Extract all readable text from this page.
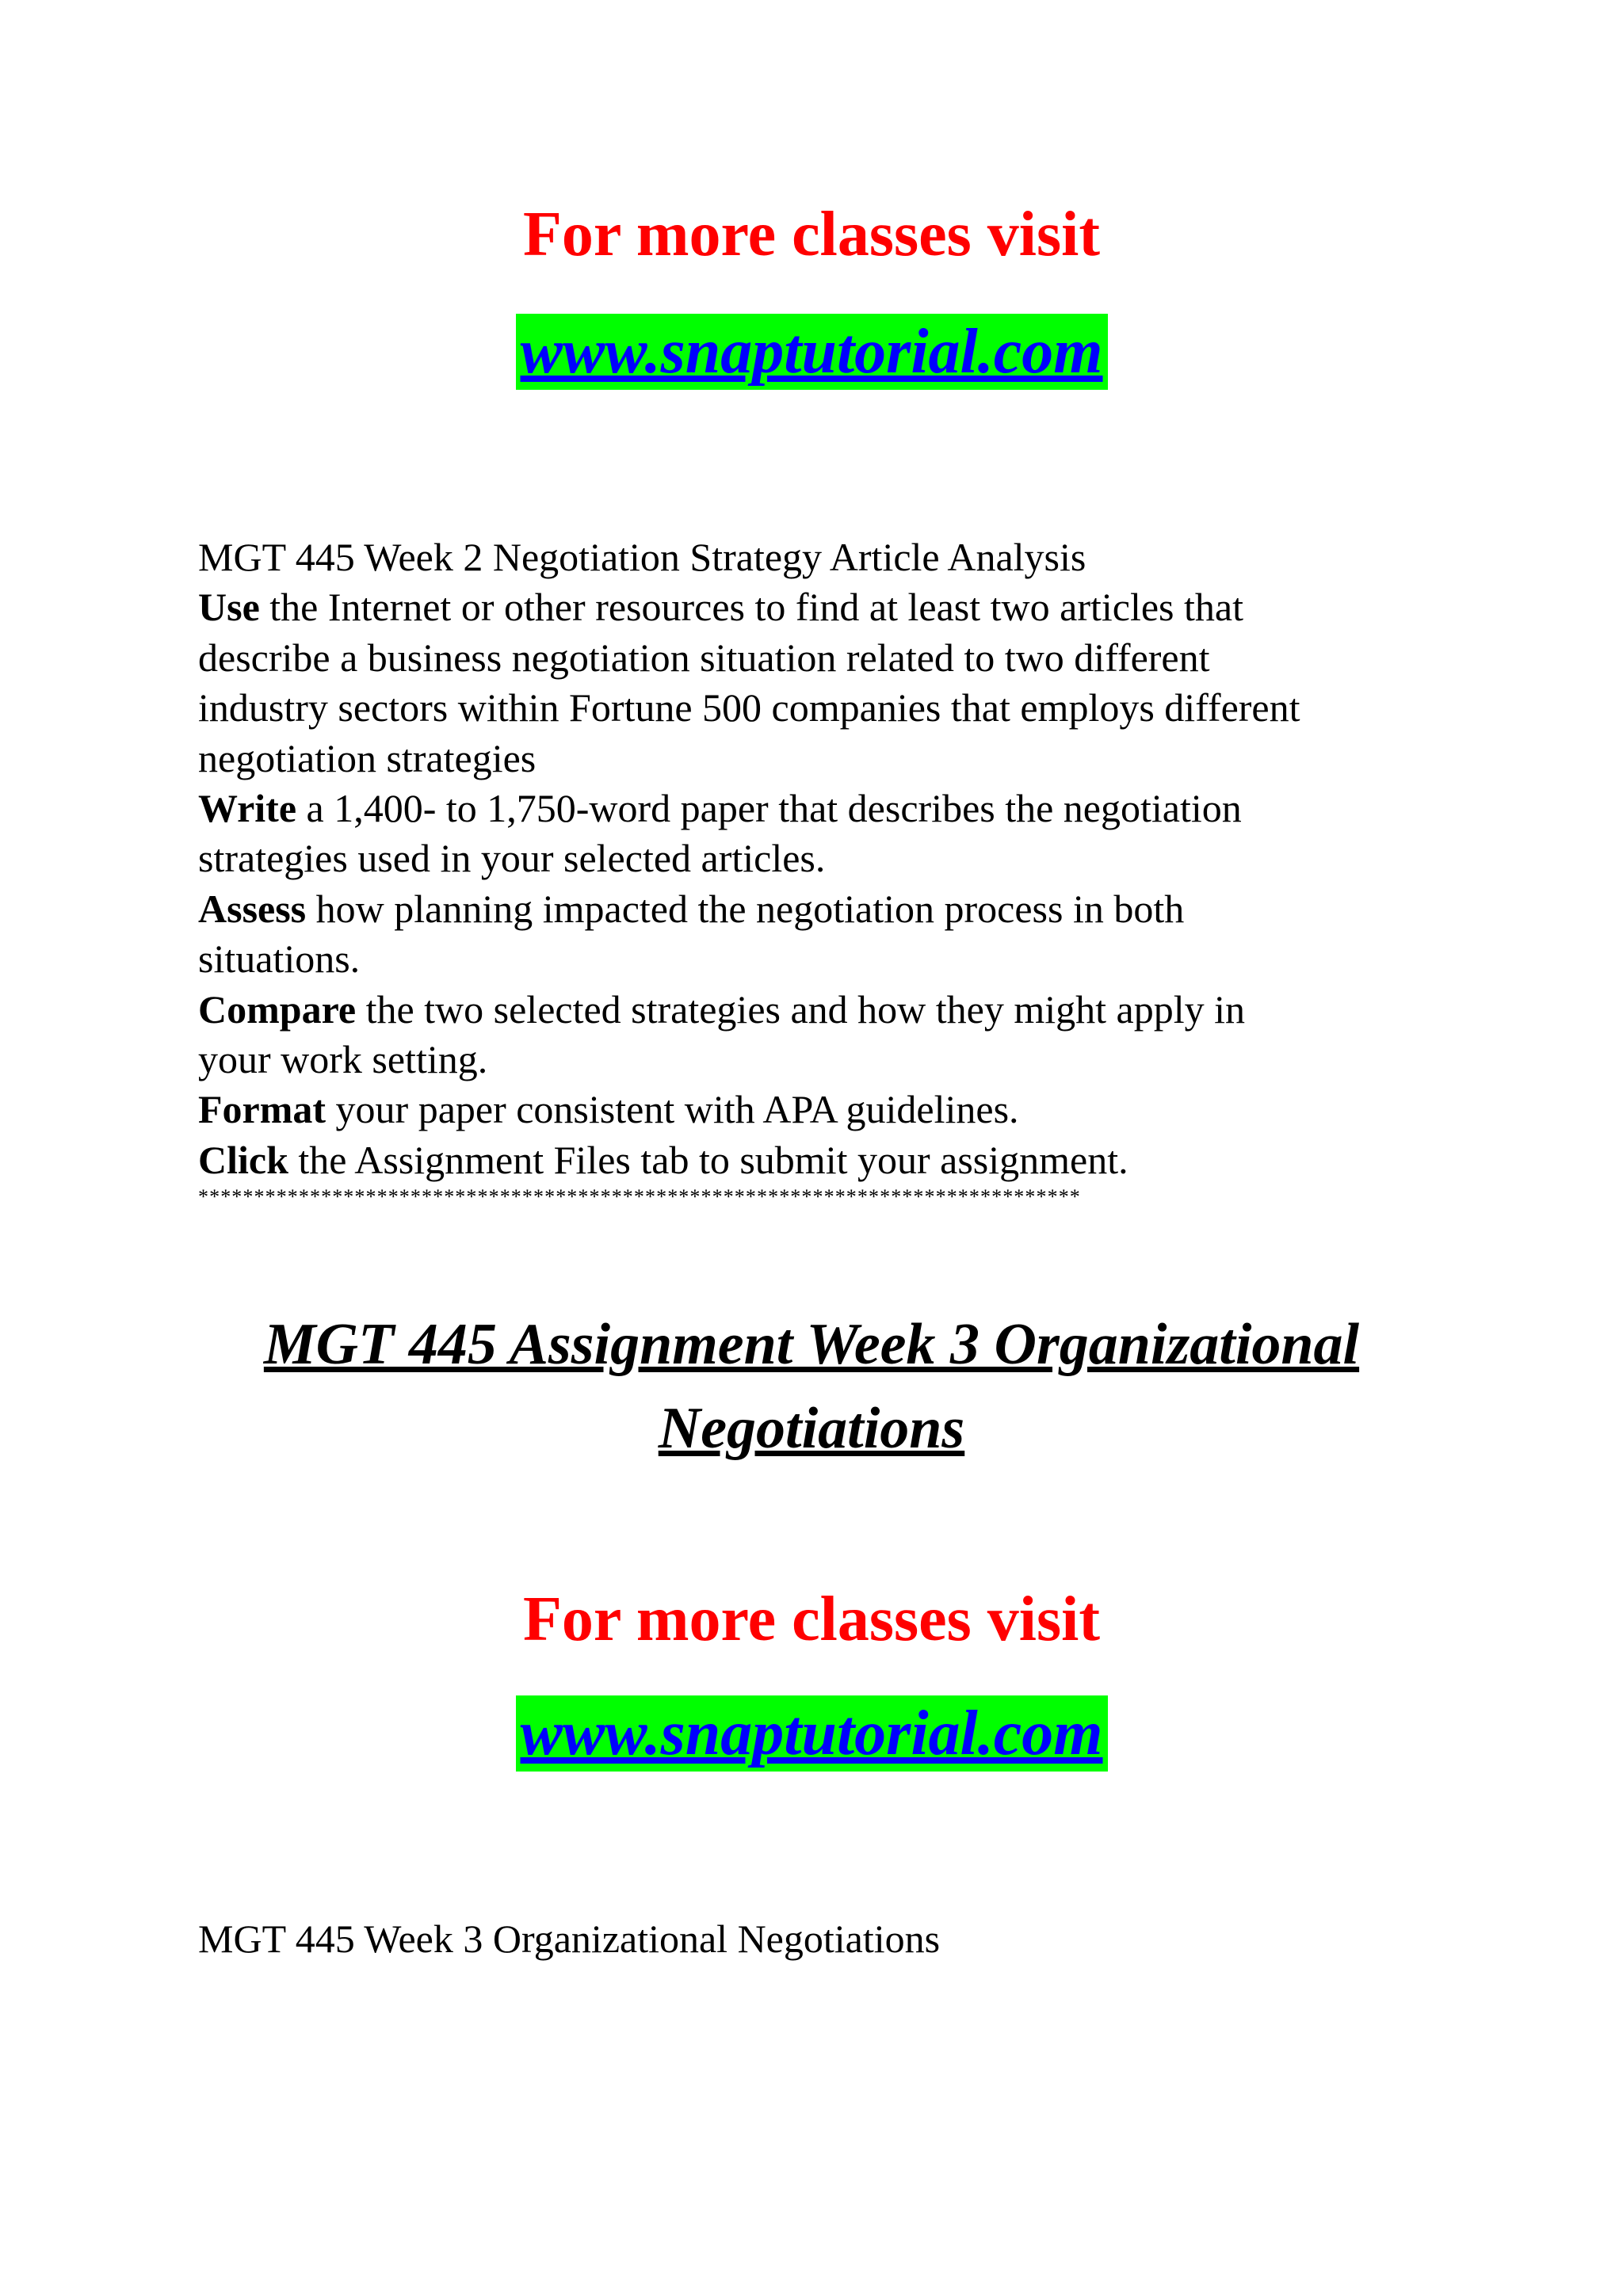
For more classes visit

www.snaptutorial.com

MGT 445 Week 2 Negotiation Strategy Article Analysis
Use the Internet or other resources to find at least two articles that
describe a business negotiation situation related to two different
industry sectors within Fortune 500 companies that employs different
negotiation strategies
Write a 1,400- to 1,750-word paper that describes the negotiation
strategies used in your selected articles.
Assess how planning impacted the negotiation process in both
situations.
Compare the two selected strategies and how they might apply in
your work setting.
Format your paper consistent with APA guidelines.
Click the Assignment Files tab to submit your assignment.

*******************************************************************************

MGT 445 Assignment Week 3 Organizational

Negotiations

For more classes visit

www.snaptutorial.com

MGT 445 Week 3 Organizational Negotiations
